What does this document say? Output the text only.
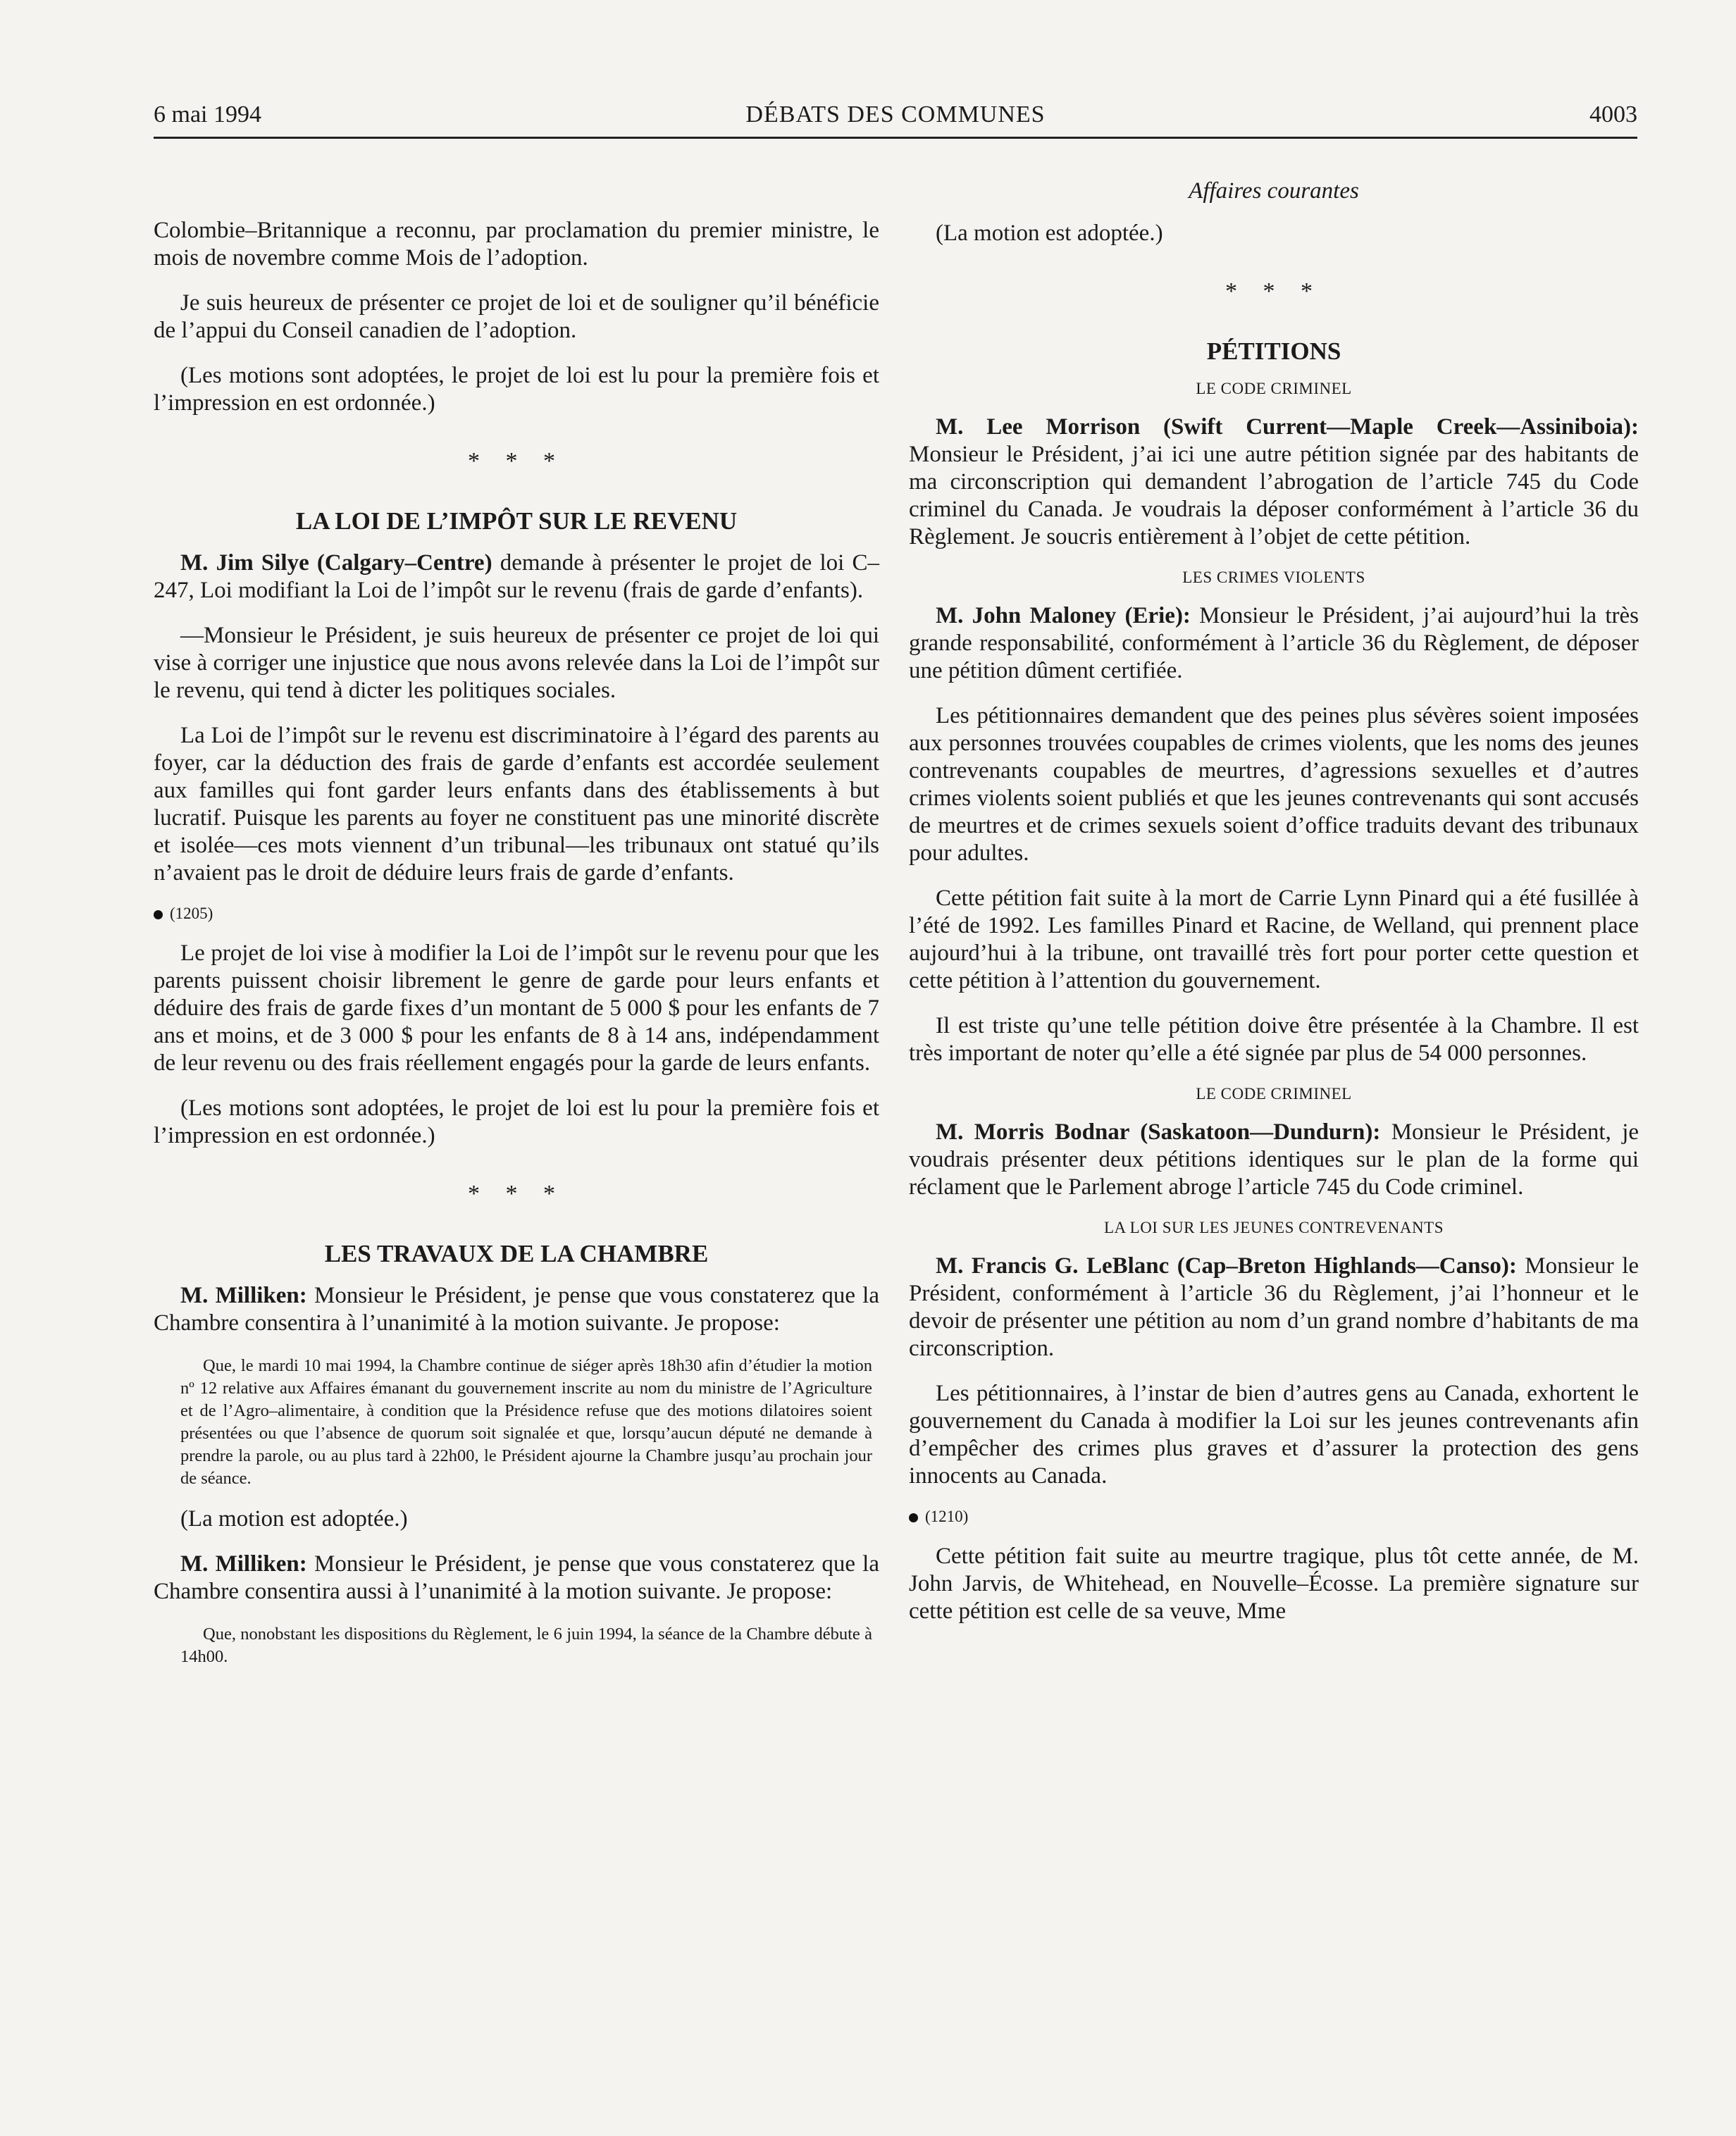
6 mai 1994	DÉBATS DES COMMUNES	4003

Colombie–Britannique a reconnu, par proclamation du premier ministre, le mois de novembre comme Mois de l’adoption.

Je suis heureux de présenter ce projet de loi et de souligner qu’il bénéficie de l’appui du Conseil canadien de l’adoption.

(Les motions sont adoptées, le projet de loi est lu pour la première fois et l’impression en est ordonnée.)

* * *
LA LOI DE L’IMPÔT SUR LE REVENU

M. Jim Silye (Calgary–Centre) demande à présenter le projet de loi C–247, Loi modifiant la Loi de l’impôt sur le revenu (frais de garde d’enfants).

—Monsieur le Président, je suis heureux de présenter ce projet de loi qui vise à corriger une injustice que nous avons relevée dans la Loi de l’impôt sur le revenu, qui tend à dicter les politiques sociales.

La Loi de l’impôt sur le revenu est discriminatoire à l’égard des parents au foyer, car la déduction des frais de garde d’enfants est accordée seulement aux familles qui font garder leurs enfants dans des établissements à but lucratif. Puisque les parents au foyer ne constituent pas une minorité discrète et isolée—ces mots viennent d’un tribunal—les tribunaux ont statué qu’ils n’avaient pas le droit de déduire leurs frais de garde d’enfants.

(1205)

Le projet de loi vise à modifier la Loi de l’impôt sur le revenu pour que les parents puissent choisir librement le genre de garde pour leurs enfants et déduire des frais de garde fixes d’un montant de 5 000 $ pour les enfants de 7 ans et moins, et de 3 000 $ pour les enfants de 8 à 14 ans, indépendamment de leur revenu ou des frais réellement engagés pour la garde de leurs enfants.

(Les motions sont adoptées, le projet de loi est lu pour la première fois et l’impression en est ordonnée.)

* * *
LES TRAVAUX DE LA CHAMBRE

M. Milliken: Monsieur le Président, je pense que vous constaterez que la Chambre consentira à l’unanimité à la motion suivante. Je propose:

Que, le mardi 10 mai 1994, la Chambre continue de siéger après 18h30 afin d’étudier la motion nº 12 relative aux Affaires émanant du gouvernement inscrite au nom du ministre de l’Agriculture et de l’Agro–alimentaire, à condition que la Présidence refuse que des motions dilatoires soient présentées ou que l’absence de quorum soit signalée et que, lorsqu’aucun député ne demande à prendre la parole, ou au plus tard à 22h00, le Président ajourne la Chambre jusqu’au prochain jour de séance.

(La motion est adoptée.)

M. Milliken: Monsieur le Président, je pense que vous constaterez que la Chambre consentira aussi à l’unanimité à la motion suivante. Je propose:

Que, nonobstant les dispositions du Règlement, le 6 juin 1994, la séance de la Chambre débute à 14h00.
Affaires courantes

(La motion est adoptée.)

* * *
PÉTITIONS
LE CODE CRIMINEL

M. Lee Morrison (Swift Current—Maple Creek—Assiniboia): Monsieur le Président, j’ai ici une autre pétition signée par des habitants de ma circonscription qui demandent l’abrogation de l’article 745 du Code criminel du Canada. Je voudrais la déposer conformément à l’article 36 du Règlement. Je soucris entièrement à l’objet de cette pétition.

LES CRIMES VIOLENTS

M. John Maloney (Erie): Monsieur le Président, j’ai aujourd’hui la très grande responsabilité, conformément à l’article 36 du Règlement, de déposer une pétition dûment certifiée.

Les pétitionnaires demandent que des peines plus sévères soient imposées aux personnes trouvées coupables de crimes violents, que les noms des jeunes contrevenants coupables de meurtres, d’agressions sexuelles et d’autres crimes violents soient publiés et que les jeunes contrevenants qui sont accusés de meurtres et de crimes sexuels soient d’office traduits devant des tribunaux pour adultes.

Cette pétition fait suite à la mort de Carrie Lynn Pinard qui a été fusillée à l’été de 1992. Les familles Pinard et Racine, de Welland, qui prennent place aujourd’hui à la tribune, ont travaillé très fort pour porter cette question et cette pétition à l’attention du gouvernement.

Il est triste qu’une telle pétition doive être présentée à la Chambre. Il est très important de noter qu’elle a été signée par plus de 54 000 personnes.

LE CODE CRIMINEL

M. Morris Bodnar (Saskatoon—Dundurn): Monsieur le Président, je voudrais présenter deux pétitions identiques sur le plan de la forme qui réclament que le Parlement abroge l’article 745 du Code criminel.

LA LOI SUR LES JEUNES CONTREVENANTS

M. Francis G. LeBlanc (Cap–Breton Highlands—Canso): Monsieur le Président, conformément à l’article 36 du Règlement, j’ai l’honneur et le devoir de présenter une pétition au nom d’un grand nombre d’habitants de ma circonscription.

Les pétitionnaires, à l’instar de bien d’autres gens au Canada, exhortent le gouvernement du Canada à modifier la Loi sur les jeunes contrevenants afin d’empêcher des crimes plus graves et d’assurer la protection des gens innocents au Canada.

(1210)

Cette pétition fait suite au meurtre tragique, plus tôt cette année, de M. John Jarvis, de Whitehead, en Nouvelle–Écosse. La première signature sur cette pétition est celle de sa veuve, Mme
